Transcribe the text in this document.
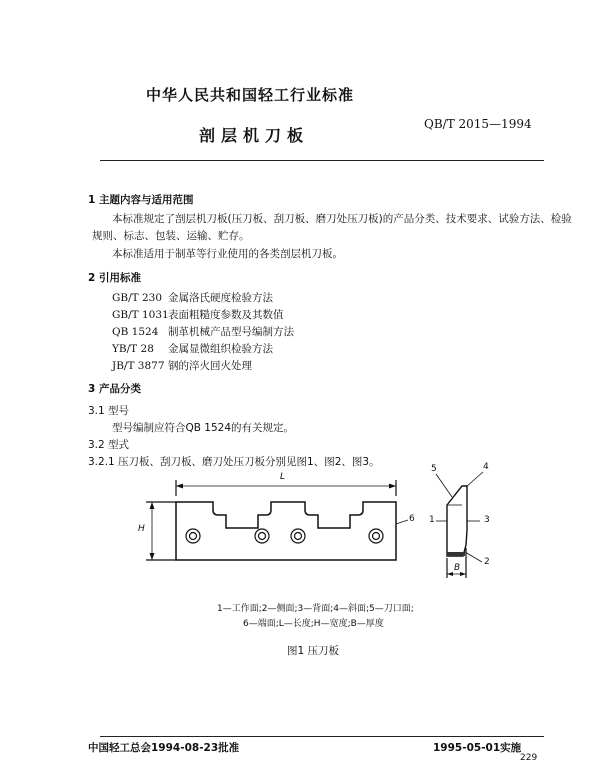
中华人民共和国轻工行业标准
剖层机刀板
QB/T 2015—1994
1 主题内容与适用范围
本标准规定了剖层机刀板(压刀板、刮刀板、磨刀处压刀板)的产品分类、技术要求、试验方法、检验
规则、标志、包装、运输、贮存。
本标准适用于制革等行业使用的各类剖层机刀板。
2 引用标准
GB/T 230 金属洛氏硬度检验方法
GB/T 1031表面粗糙度参数及其数值
QB 1524 制革机械产品型号编制方法
YB/T 28 金属显微组织检验方法
JB/T 3877 钢的淬火回火处理
3 产品分类
3.1 型号
型号编制应符合QB 1524的有关规定。
3.2 型式
3.2.1 压刀板、刮刀板、磨刀处压刀板分别见图1、图2、图3。
L
H
B
5	4
1	3
2
6
1—工作面;2—侧面;3—背面;4—斜面;5—刀口面;
6—端面;L—长度;H—宽度;B—厚度
图1 压刀板
中国轻工总会1994-08-23批准	1995-05-01实施
229
